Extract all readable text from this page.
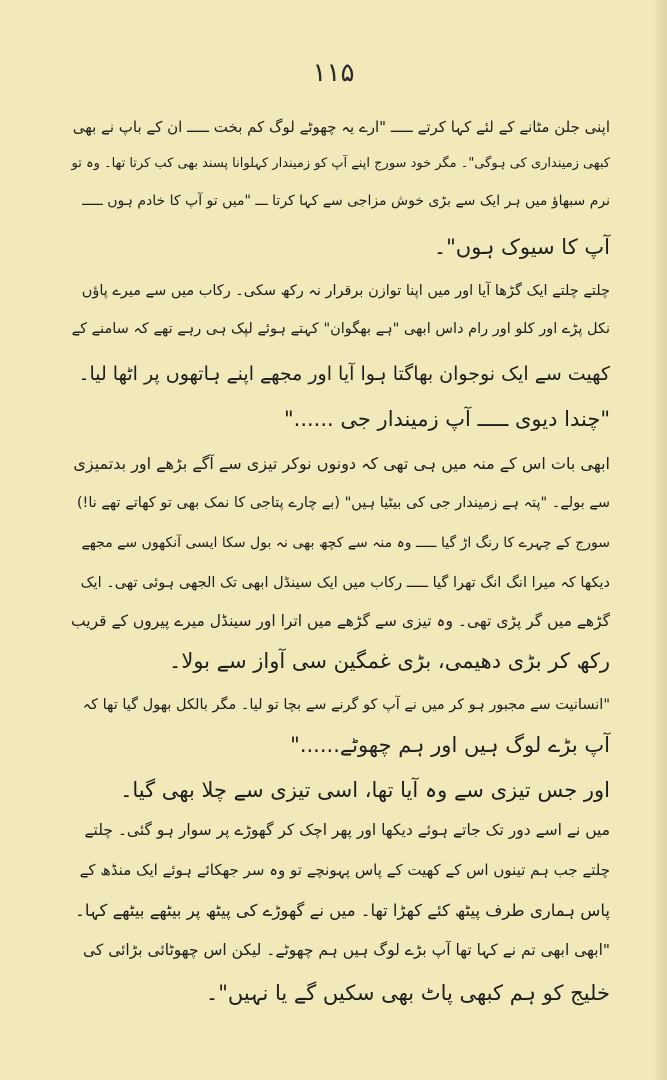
۱۱۵
اپنی جلن مٹانے کے لئے کہا کرتے ـــــ "ارے یہ چھوٹے لوگ کم بخت ـــــ ان کے باپ نے بھی
کبھی زمینداری کی ہوگی"۔ مگر خود سورج اپنے آپ کو زمیندار کہلوانا پسند بھی کب کرتا تھا۔ وہ تو
نرم سبھاؤ میں ہر ایک سے بڑی خوش مزاجی سے کہا کرتا ـــ "میں تو آپ کا خادم ہوں ـــــ
آپ کا سیوک ہوں"۔
چلتے چلتے ایک گڑھا آیا اور میں اپنا توازن برقرار نہ رکھ سکی۔ رکاب میں سے میرے پاؤں
نکل پڑے اور کلو اور رام داس ابھی "ہے بھگوان" کہتے ہوئے لپک ہی رہے تھے کہ سامنے کے
کھیت سے ایک نوجوان بھاگتا ہوا آیا اور مجھے اپنے ہاتھوں پر اٹھا لیا۔
"چندا دیوی ـــــ آپ زمیندار جی ......"
ابھی بات اس کے منہ میں ہی تھی کہ دونوں نوکر تیزی سے آگے بڑھے اور بدتمیزی
سے بولے۔ "پتہ ہے زمیندار جی کی بیٹیا ہیں" (بے چارے پتاجی کا نمک بھی تو کھاتے تھے نا!)
سورج کے چہرے کا رنگ اڑ گیا ـــــ وہ منہ سے کچھ بھی نہ بول سکا ایسی آنکھوں سے مجھے
دیکھا کہ میرا انگ انگ تھرا گیا ـــــ رکاب میں ایک سینڈل ابھی تک الجھی ہوئی تھی۔ ایک
گڑھے میں گر پڑی تھی۔ وہ تیزی سے گڑھے میں اترا اور سینڈل میرے پیروں کے قریب
رکھ کر بڑی دھیمی، بڑی غمگین سی آواز سے بولا۔
"انسانیت سے مجبور ہو کر میں نے آپ کو گرنے سے بچا تو لیا۔ مگر بالکل بھول گیا تھا کہ
آپ بڑے لوگ ہیں اور ہم چھوٹے......"
اور جس تیزی سے وہ آیا تھا، اسی تیزی سے چلا بھی گیا۔
میں نے اسے دور تک جاتے ہوئے دیکھا اور پھر اچک کر گھوڑے پر سوار ہو گئی۔ چلتے
چلتے جب ہم تینوں اس کے کھیت کے پاس پہونچے تو وہ سر جھکائے ہوئے ایک منڈھ کے
پاس ہماری طرف پیٹھ کئے کھڑا تھا۔ میں نے گھوڑے کی پیٹھ پر بیٹھے بیٹھے کہا۔
"ابھی ابھی تم نے کہا تھا آپ بڑے لوگ ہیں ہم چھوٹے۔ لیکن اس چھوٹائی بڑائی کی
خلیج کو ہم کبھی پاٹ بھی سکیں گے یا نہیں"۔
